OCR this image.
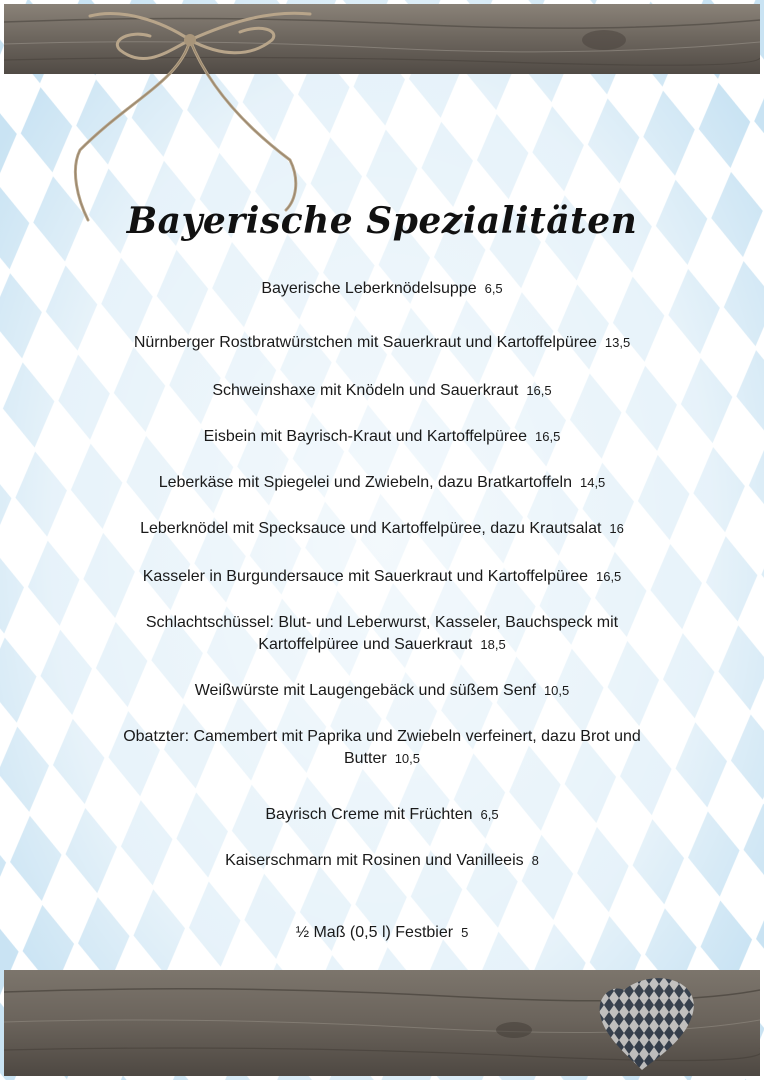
Bayerische Spezialitäten
Bayerische Leberknödelsuppe 6,5
Nürnberger Rostbratwürstchen mit Sauerkraut und Kartoffelpüree 13,5
Schweinshaxe mit Knödeln und Sauerkraut 16,5
Eisbein mit Bayrisch-Kraut und Kartoffelpüree 16,5
Leberkäse mit Spiegelei und Zwiebeln, dazu Bratkartoffeln 14,5
Leberknödel mit Specksauce und Kartoffelpüree, dazu Krautsalat 16
Kasseler in Burgundersauce mit Sauerkraut und Kartoffelpüree 16,5
Schlachtschüssel: Blut- und Leberwurst, Kasseler, Bauchspeck mit Kartoffelpüree und Sauerkraut 18,5
Weißwürste mit Laugengebäck und süßem Senf 10,5
Obatzter: Camembert mit Paprika und Zwiebeln verfeinert, dazu Brot und Butter 10,5
Bayrisch Creme mit Früchten 6,5
Kaiserschmarn mit Rosinen und Vanilleeis 8
½ Maß (0,5 l) Festbier 5
